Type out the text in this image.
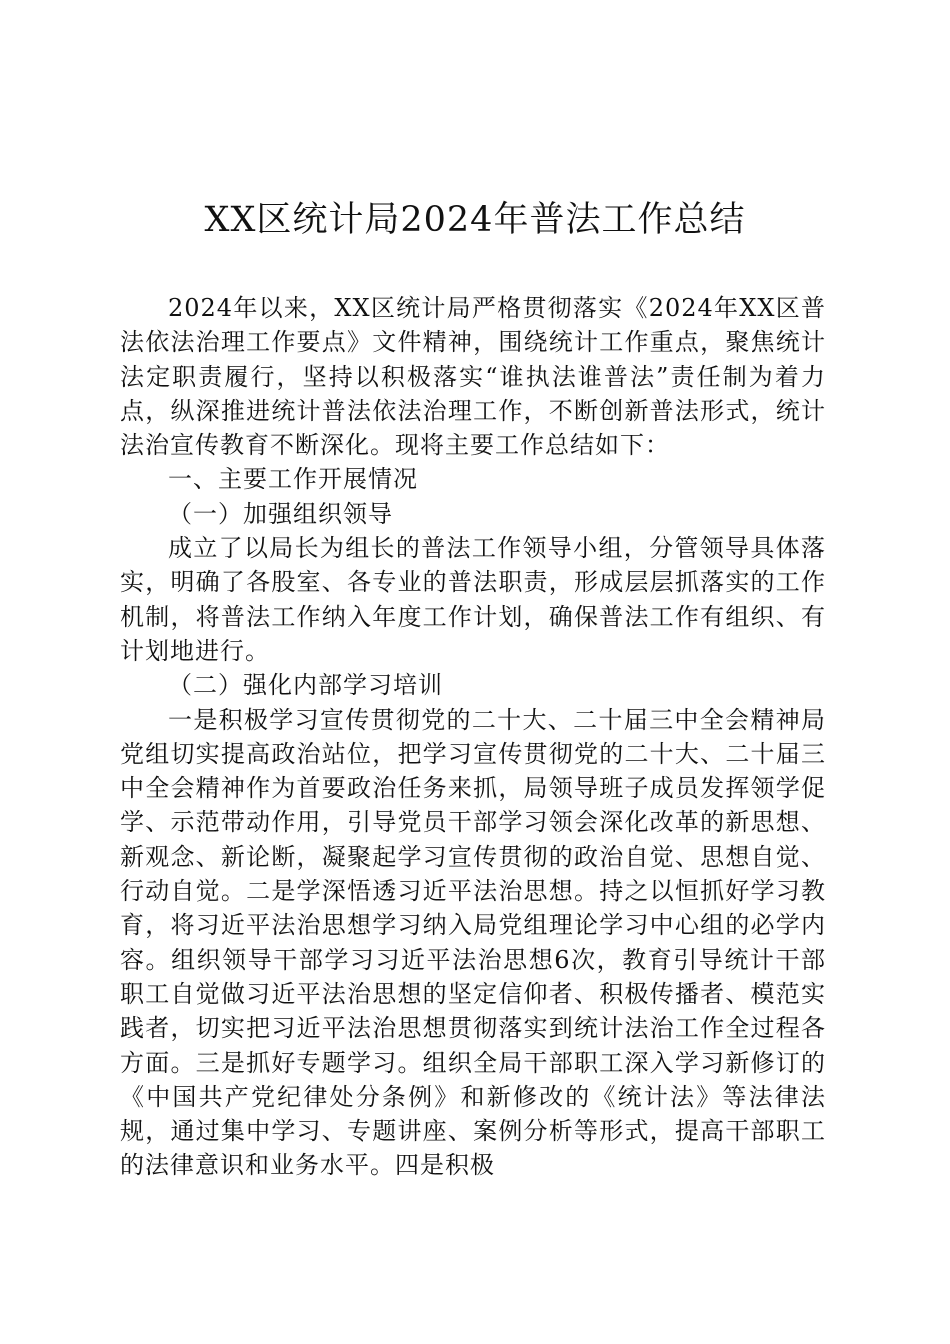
XX区统计局2024年普法工作总结

2024年以来，XX区统计局严格贯彻落实《2024年XX区普法依法治理工作要点》文件精神，围绕统计工作重点，聚焦统计法定职责履行，坚持以积极落实“谁执法谁普法”责任制为着力点，纵深推进统计普法依法治理工作，不断创新普法形式，统计法治宣传教育不断深化。现将主要工作总结如下：

一、主要工作开展情况

（一）加强组织领导

成立了以局长为组长的普法工作领导小组，分管领导具体落实，明确了各股室、各专业的普法职责，形成层层抓落实的工作机制，将普法工作纳入年度工作计划，确保普法工作有组织、有计划地进行。

（二）强化内部学习培训

一是积极学习宣传贯彻党的二十大、二十届三中全会精神局党组切实提高政治站位，把学习宣传贯彻党的二十大、二十届三中全会精神作为首要政治任务来抓，局领导班子成员发挥领学促学、示范带动作用，引导党员干部学习领会深化改革的新思想、新观念、新论断，凝聚起学习宣传贯彻的政治自觉、思想自觉、行动自觉。二是学深悟透习近平法治思想。持之以恒抓好学习教育，将习近平法治思想学习纳入局党组理论学习中心组的必学内容。组织领导干部学习习近平法治思想6次，教育引导统计干部职工自觉做习近平法治思想的坚定信仰者、积极传播者、模范实践者，切实把习近平法治思想贯彻落实到统计法治工作全过程各方面。三是抓好专题学习。组织全局干部职工深入学习新修订的《中国共产党纪律处分条例》和新修改的《统计法》等法律法规，通过集中学习、专题讲座、案例分析等形式，提高干部职工的法律意识和业务水平。四是积极
